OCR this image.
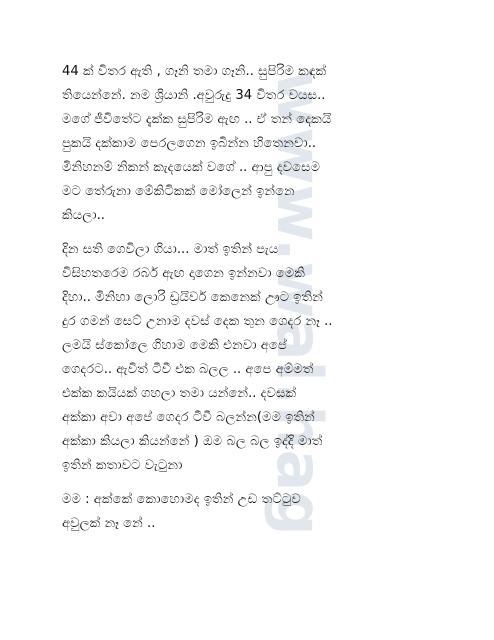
www.wal.hag

44 ක් විතර ඇති , ගෑනි තමා ගෑනි.. සුපිරිම කඳක්
තියෙන්නේ. නම ශ්‍රියානි .අවුරුදු 34 විතර වයස..
මගේ ජීවිතේට දැක්ක සුපිරිම ඇඟ .. ඒ තන් දෙකයි
පුකයි දක්කාම පෙරලගෙන ඉබින්න හිතෙනවා..
මිනිහනම් නිකන් කැදයෙක් වගේ .. ආපු දවසෙම
මට තේරුනා මේකිටිකක් මෝලෙන් ඉන්නෙ
කියලා..

දින සති ගෙවිලා ගියා... මාත් ඉතින් පැය
විසිහතරෙම රබර් ඇඟ දාගෙන ඉන්නවා මෙකි
දිහා.. මිනිහා ලොරි ඩ්‍රයිවර් කෙනෙක් ඌට ඉතින්
දුර ගමන් සෙට් උනාම දවස් දෙක තුන ගෙදර නෑ ..
ලමයි ස්කෝලෙ ගිහාම මෙකි එනවා අපේ
ගෙදරට.. ඇවිත් ටීවී එක බලල .. අපෙ අම්මත්
එක්ක කයියක් ගහලා තමා යන්නේ.. දවසක්
අක්කා අවා අපේ ගෙදර ටීවී බලන්න(මම ඉතින්
අක්කා කියලා කියන්නේ ) ඔම බල බල ඉද්දි මාත්
ඉතින් කතාවට වැටුනා

මම : අක්කේ කොහොමද ඉතින් උඩ තට්ටුව
අවුලක් නෑ නේ ..
